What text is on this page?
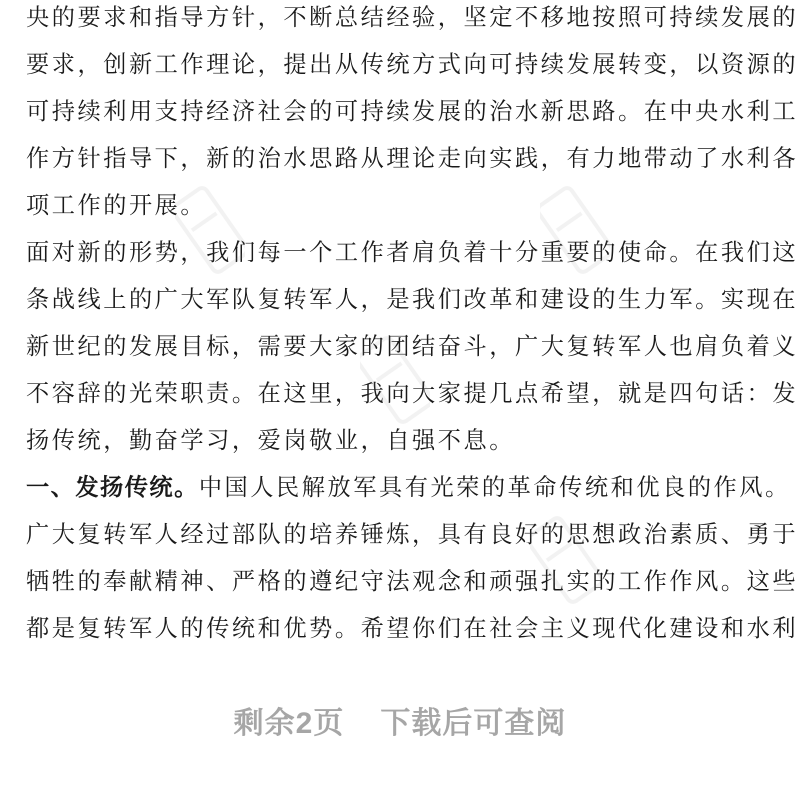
央的要求和指导方针，不断总结经验，坚定不移地按照可持续发展的
要求，创新工作理论，提出从传统方式向可持续发展转变，以资源的
可持续利用支持经济社会的可持续发展的治水新思路。在中央水利工
作方针指导下，新的治水思路从理论走向实践，有力地带动了水利各
项工作的开展。
面对新的形势，我们每一个工作者肩负着十分重要的使命。在我们这
条战线上的广大军队复转军人，是我们改革和建设的生力军。实现在
新世纪的发展目标，需要大家的团结奋斗，广大复转军人也肩负着义
不容辞的光荣职责。在这里，我向大家提几点希望，就是四句话：发
扬传统，勤奋学习，爱岗敬业，自强不息。
一、发扬传统。中国人民解放军具有光荣的革命传统和优良的作风。
广大复转军人经过部队的培养锤炼，具有良好的思想政治素质、勇于
牺牲的奉献精神、严格的遵纪守法观念和顽强扎实的工作作风。这些
都是复转军人的传统和优势。希望你们在社会主义现代化建设和水利
剩余2页 下载后可查阅
